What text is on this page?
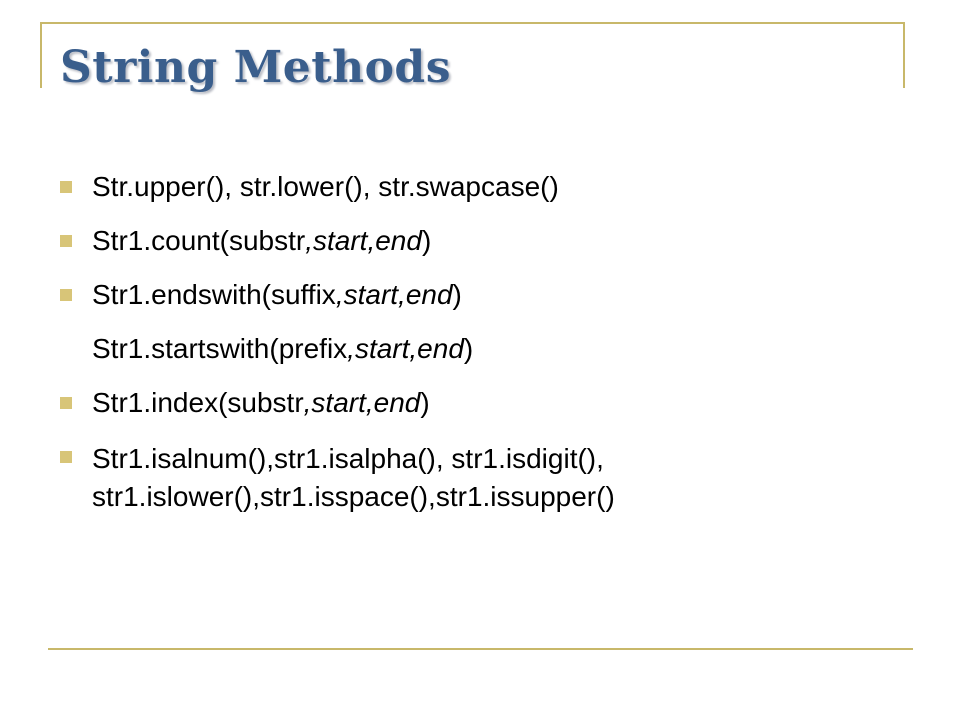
String Methods
Str.upper(), str.lower(), str.swapcase()
Str1.count(substr,start,end)
Str1.endswith(suffix,start,end)
Str1.startswith(prefix,start,end)
Str1.index(substr,start,end)
Str1.isalnum(),str1.isalpha(), str1.isdigit(),
str1.islower(),str1.isspace(),str1.issupper()
